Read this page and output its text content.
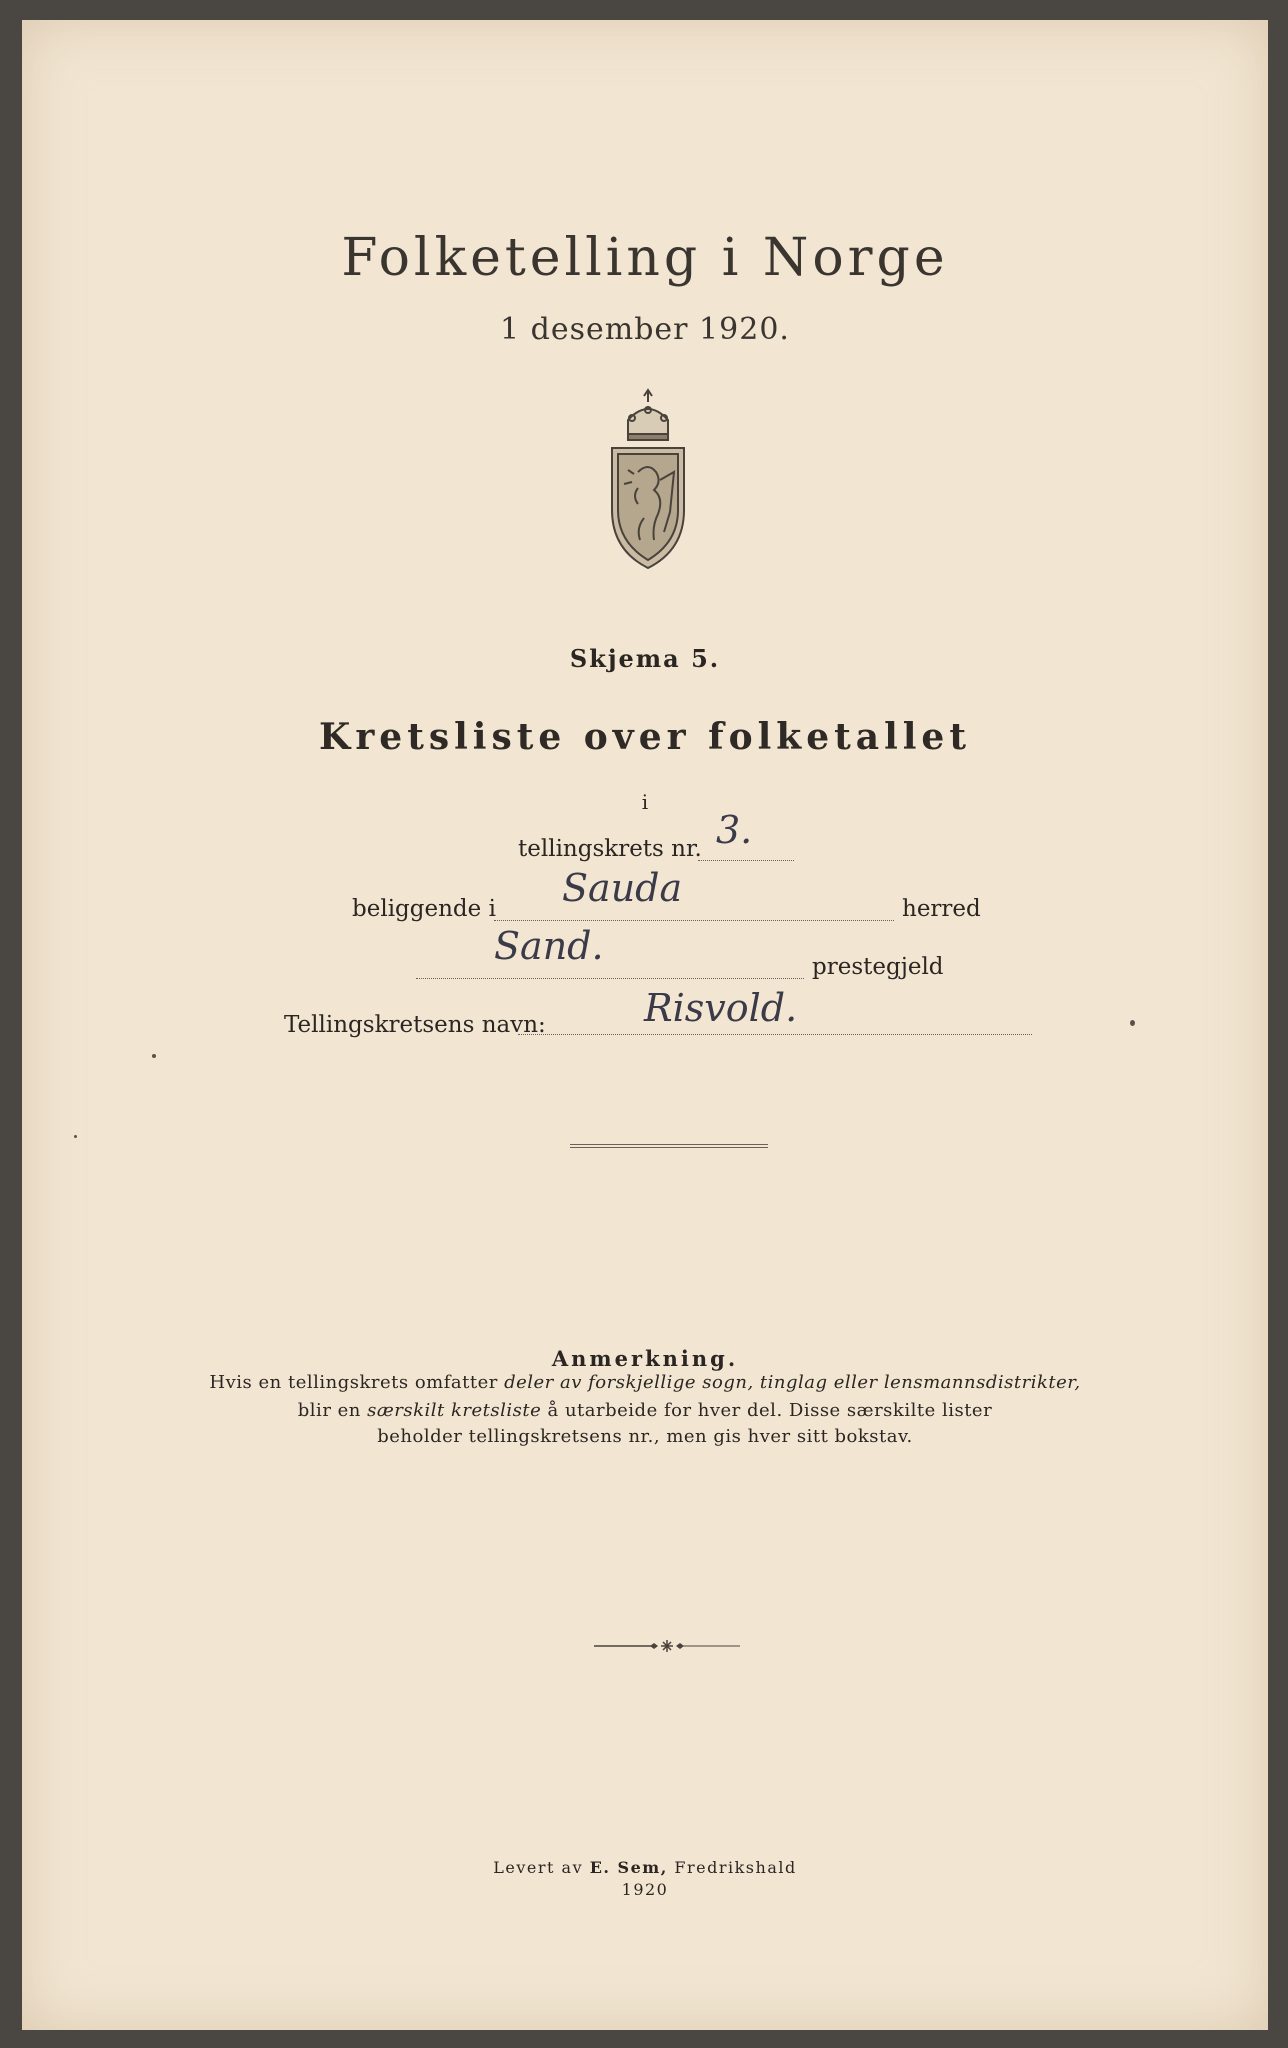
Folketelling i Norge
1 desember 1920.
Skjema 5.
Kretsliste over folketallet
i
tellingskrets nr. 3.
beliggende i Sauda	herred
Sand.	prestegjeld
Tellingskretsens navn:	Risvold.
Anmerkning.
Hvis en tellingskrets omfatter deler av forskjellige sogn, tinglag eller lensmannsdistrikter,
blir en særskilt kretsliste å utarbeide for hver del. Disse særskilte lister
beholder tellingskretsens nr., men gis hver sitt bokstav.
Levert av E. Sem, Fredrikshald
1920
